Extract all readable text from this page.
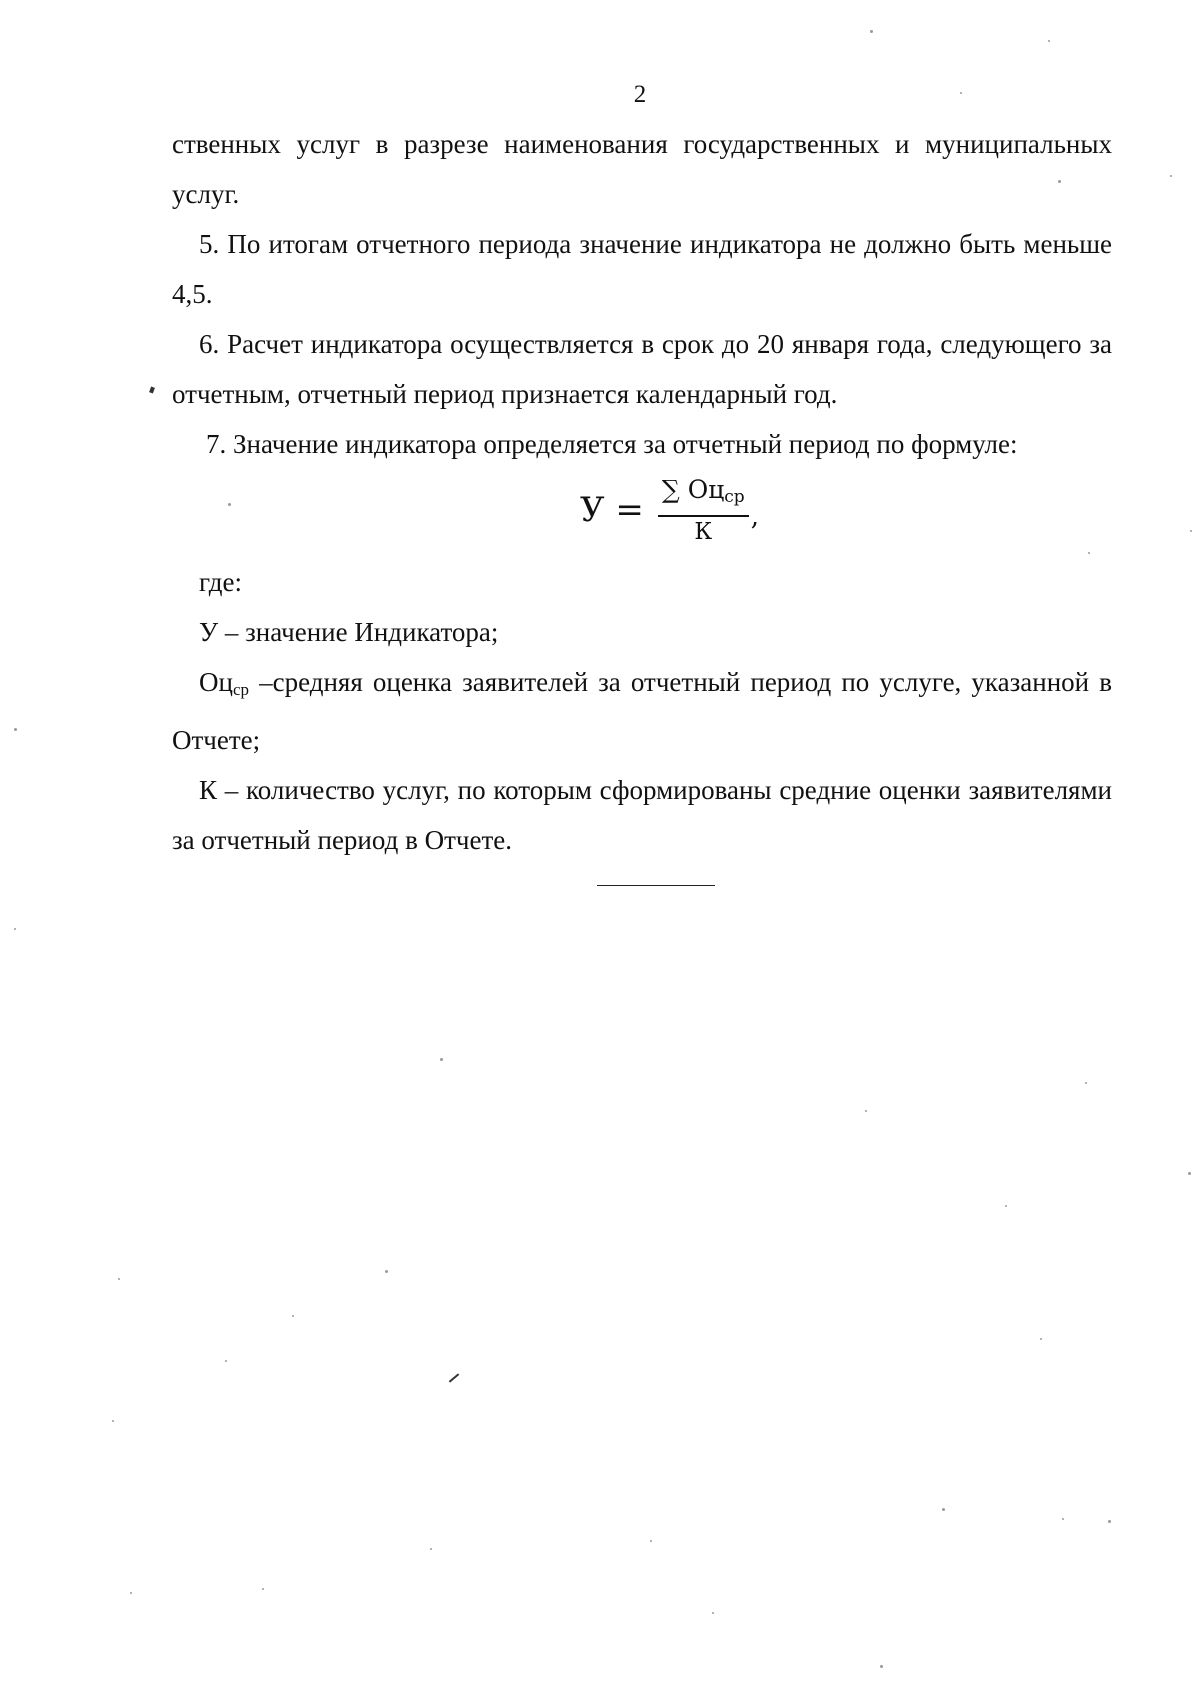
2

ственных услуг в разрезе наименования государственных и муниципальных услуг.

5. По итогам отчетного периода значение индикатора не должно быть меньше 4,5.

6. Расчет индикатора осуществляется в срок до 20 января года, следующего за отчетным, отчетный период признается календарный год.

7. Значение индикатора определяется за отчетный период по формуле:

$У = \frac{\sum Оц_{ср}}{К}$ ,

где:

У – значение Индикатора;

$Оц_{ср}$ –средняя оценка заявителей за отчетный период по услуге, указанной в Отчете;

К – количество услуг, по которым сформированы средние оценки заявителями за отчетный период в Отчете.
